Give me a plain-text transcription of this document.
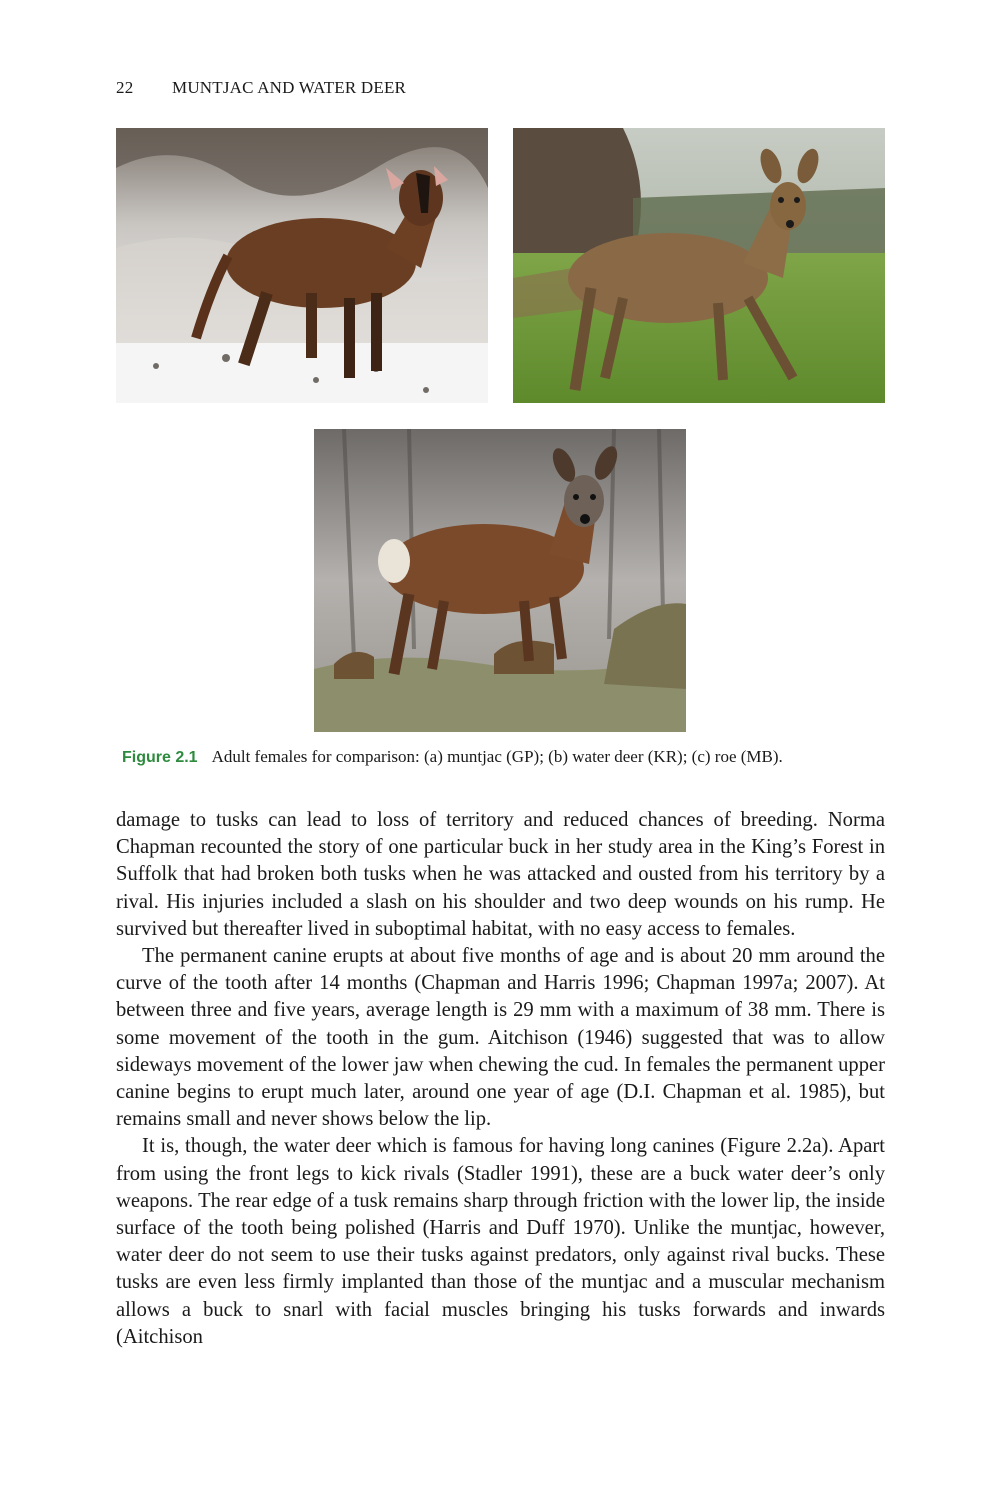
22 MUNTJAC AND WATER DEER
Figure 2.1 Adult females for comparison: (a) muntjac (GP); (b) water deer (KR); (c) roe (MB).

damage to tusks can lead to loss of territory and reduced chances of breeding. Norma Chapman recounted the story of one particular buck in her study area in the King’s Forest in Suffolk that had broken both tusks when he was attacked and ousted from his territory by a rival. His injuries included a slash on his shoulder and two deep wounds on his rump. He survived but thereafter lived in suboptimal habitat, with no easy access to females.

The permanent canine erupts at about five months of age and is about 20 mm around the curve of the tooth after 14 months (Chapman and Harris 1996; Chapman 1997a; 2007). At between three and five years, average length is 29 mm with a maximum of 38 mm. There is some movement of the tooth in the gum. Aitchison (1946) suggested that was to allow sideways movement of the lower jaw when chewing the cud. In females the permanent upper canine begins to erupt much later, around one year of age (D.I. Chapman et al. 1985), but remains small and never shows below the lip.

It is, though, the water deer which is famous for having long canines (Figure 2.2a). Apart from using the front legs to kick rivals (Stadler 1991), these are a buck water deer’s only weapons. The rear edge of a tusk remains sharp through friction with the lower lip, the inside surface of the tooth being polished (Harris and Duff 1970). Unlike the muntjac, however, water deer do not seem to use their tusks against predators, only against rival bucks. These tusks are even less firmly implanted than those of the muntjac and a muscular mechanism allows a buck to snarl with facial muscles bringing his tusks forwards and inwards (Aitchison
